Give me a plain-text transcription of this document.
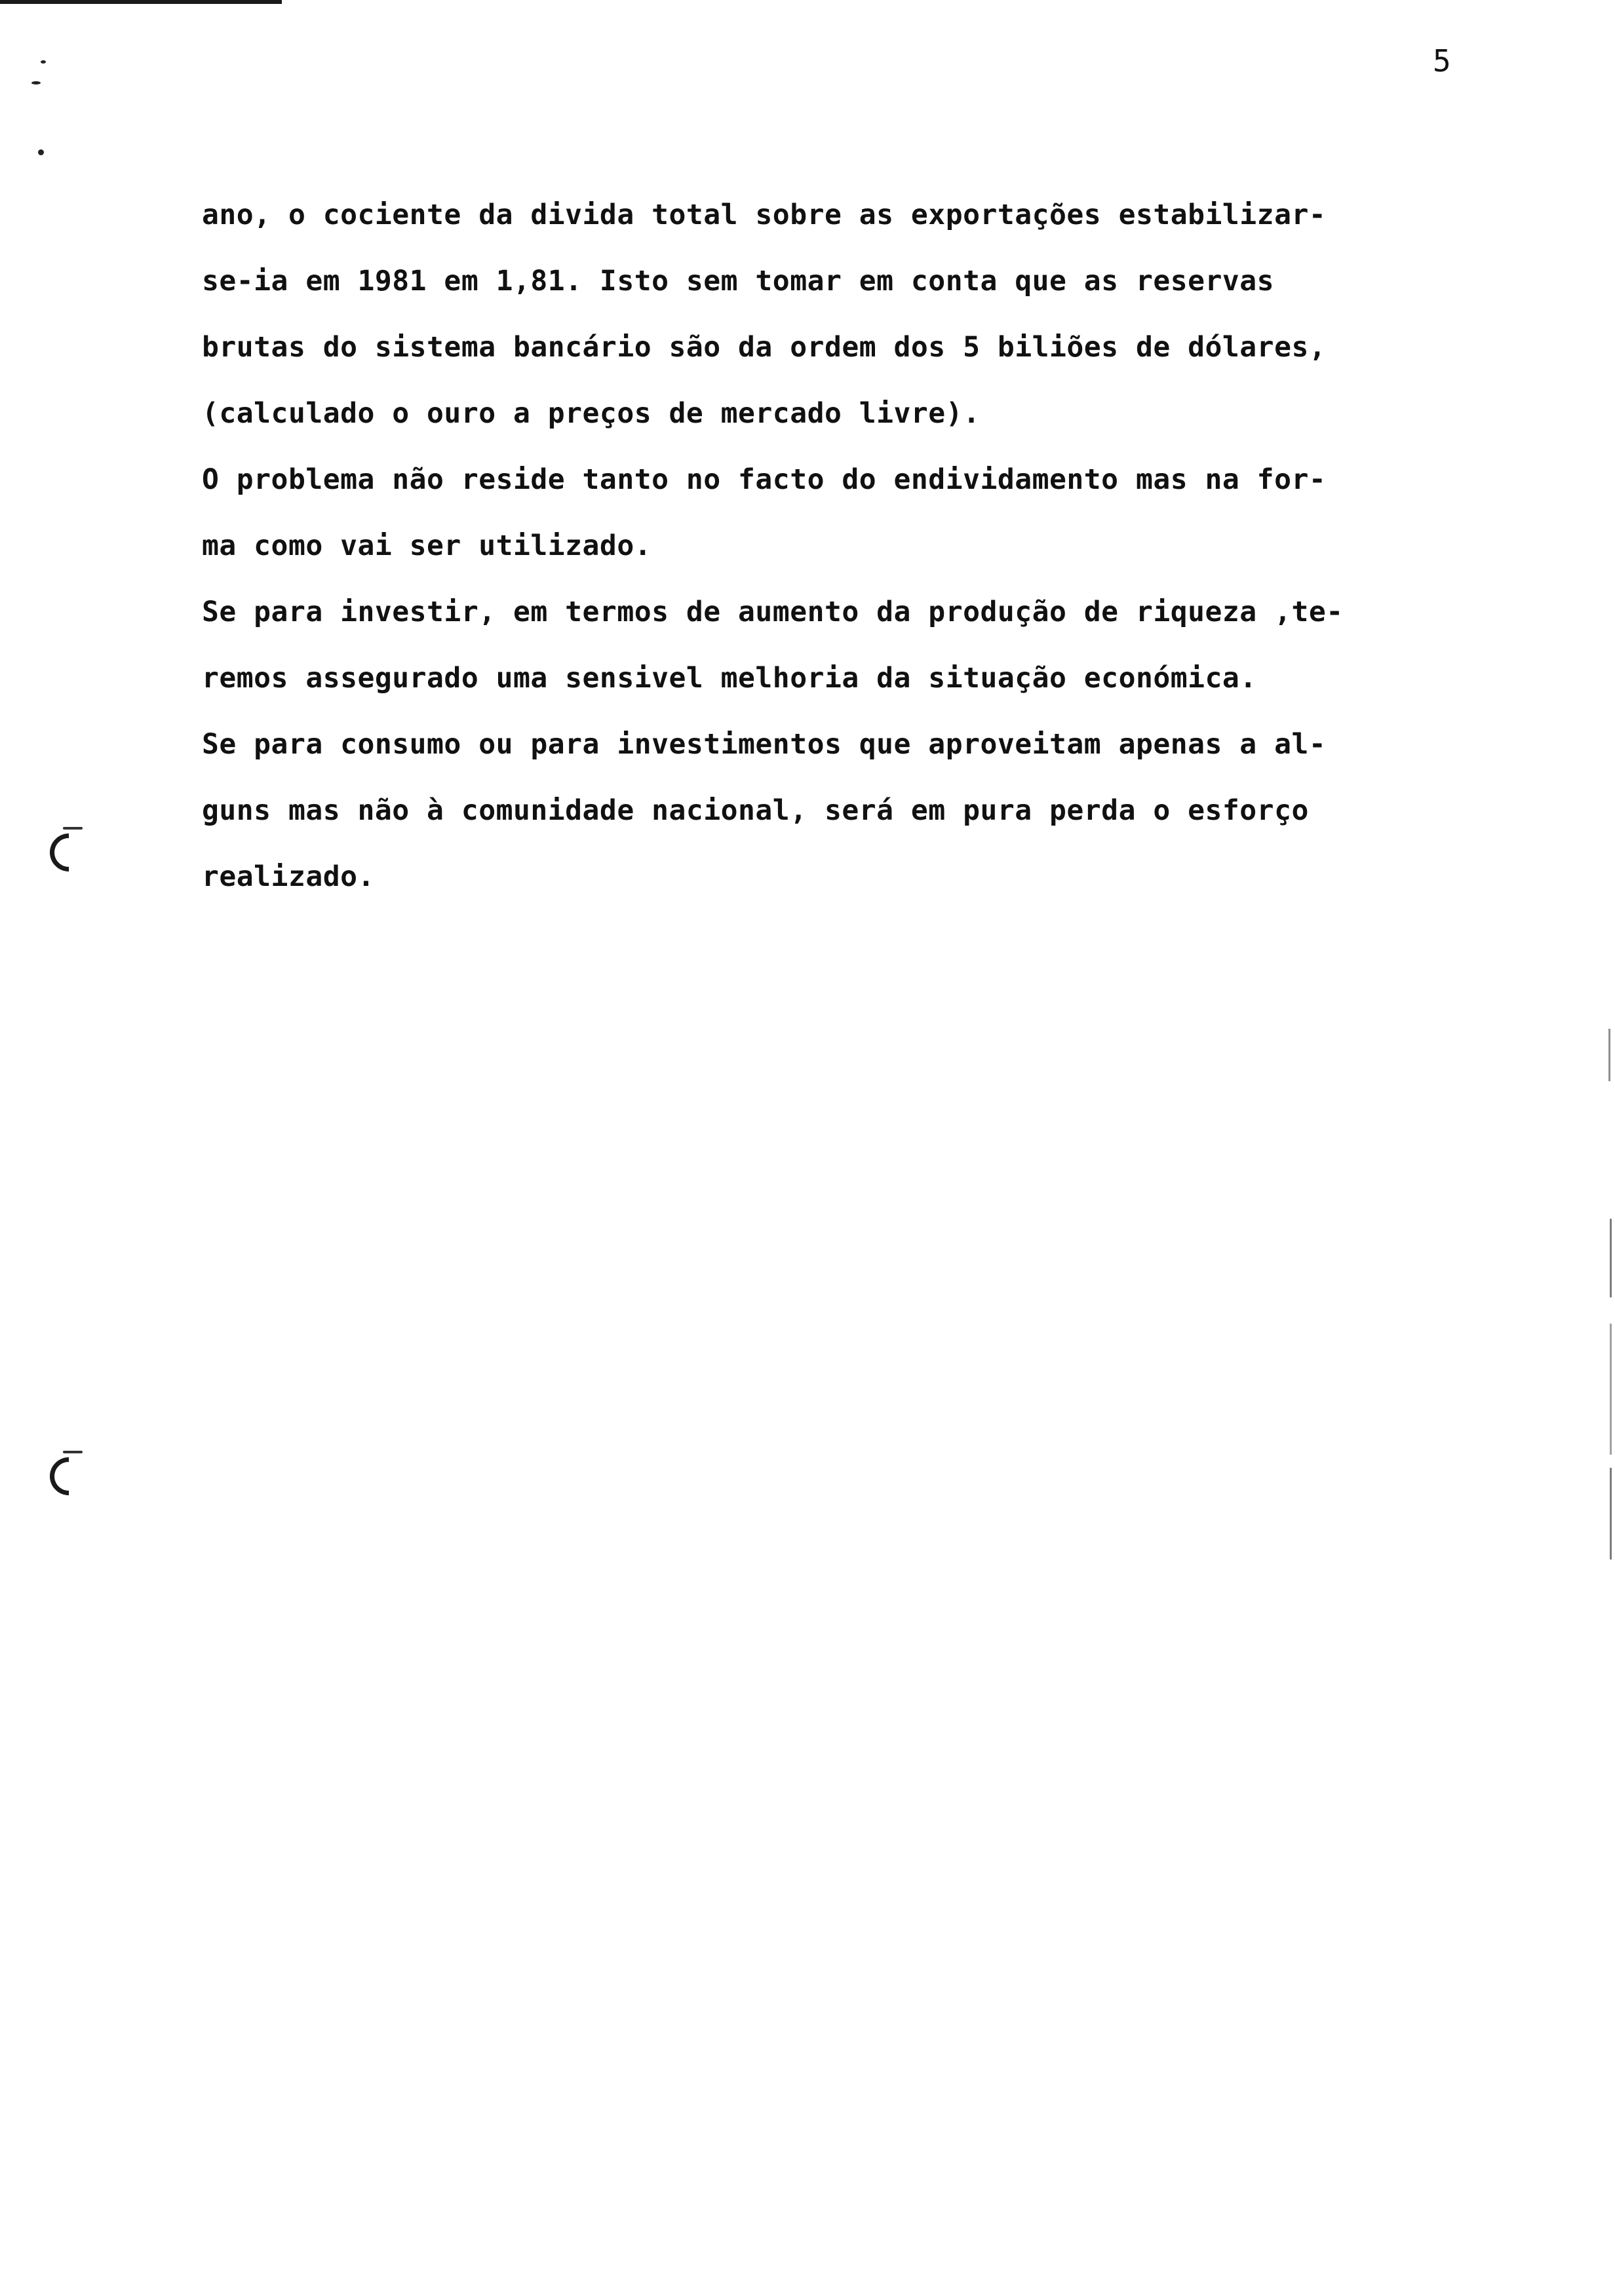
5
ano, o cociente da divida total sobre as exportações estabilizar-
se-ia em 1981 em 1,81. Isto sem tomar em conta que as reservas
brutas do sistema bancário são da ordem dos 5 biliões de dólares,
(calculado o ouro a preços de mercado livre).
O problema não reside tanto no facto do endividamento mas na for-
ma como vai ser utilizado.
Se para investir, em termos de aumento da produção de riqueza ,te-
remos assegurado uma sensivel melhoria da situação económica.
Se para consumo ou para investimentos que aproveitam apenas a al-
guns mas não à comunidade nacional, será em pura perda o esforço
realizado.
